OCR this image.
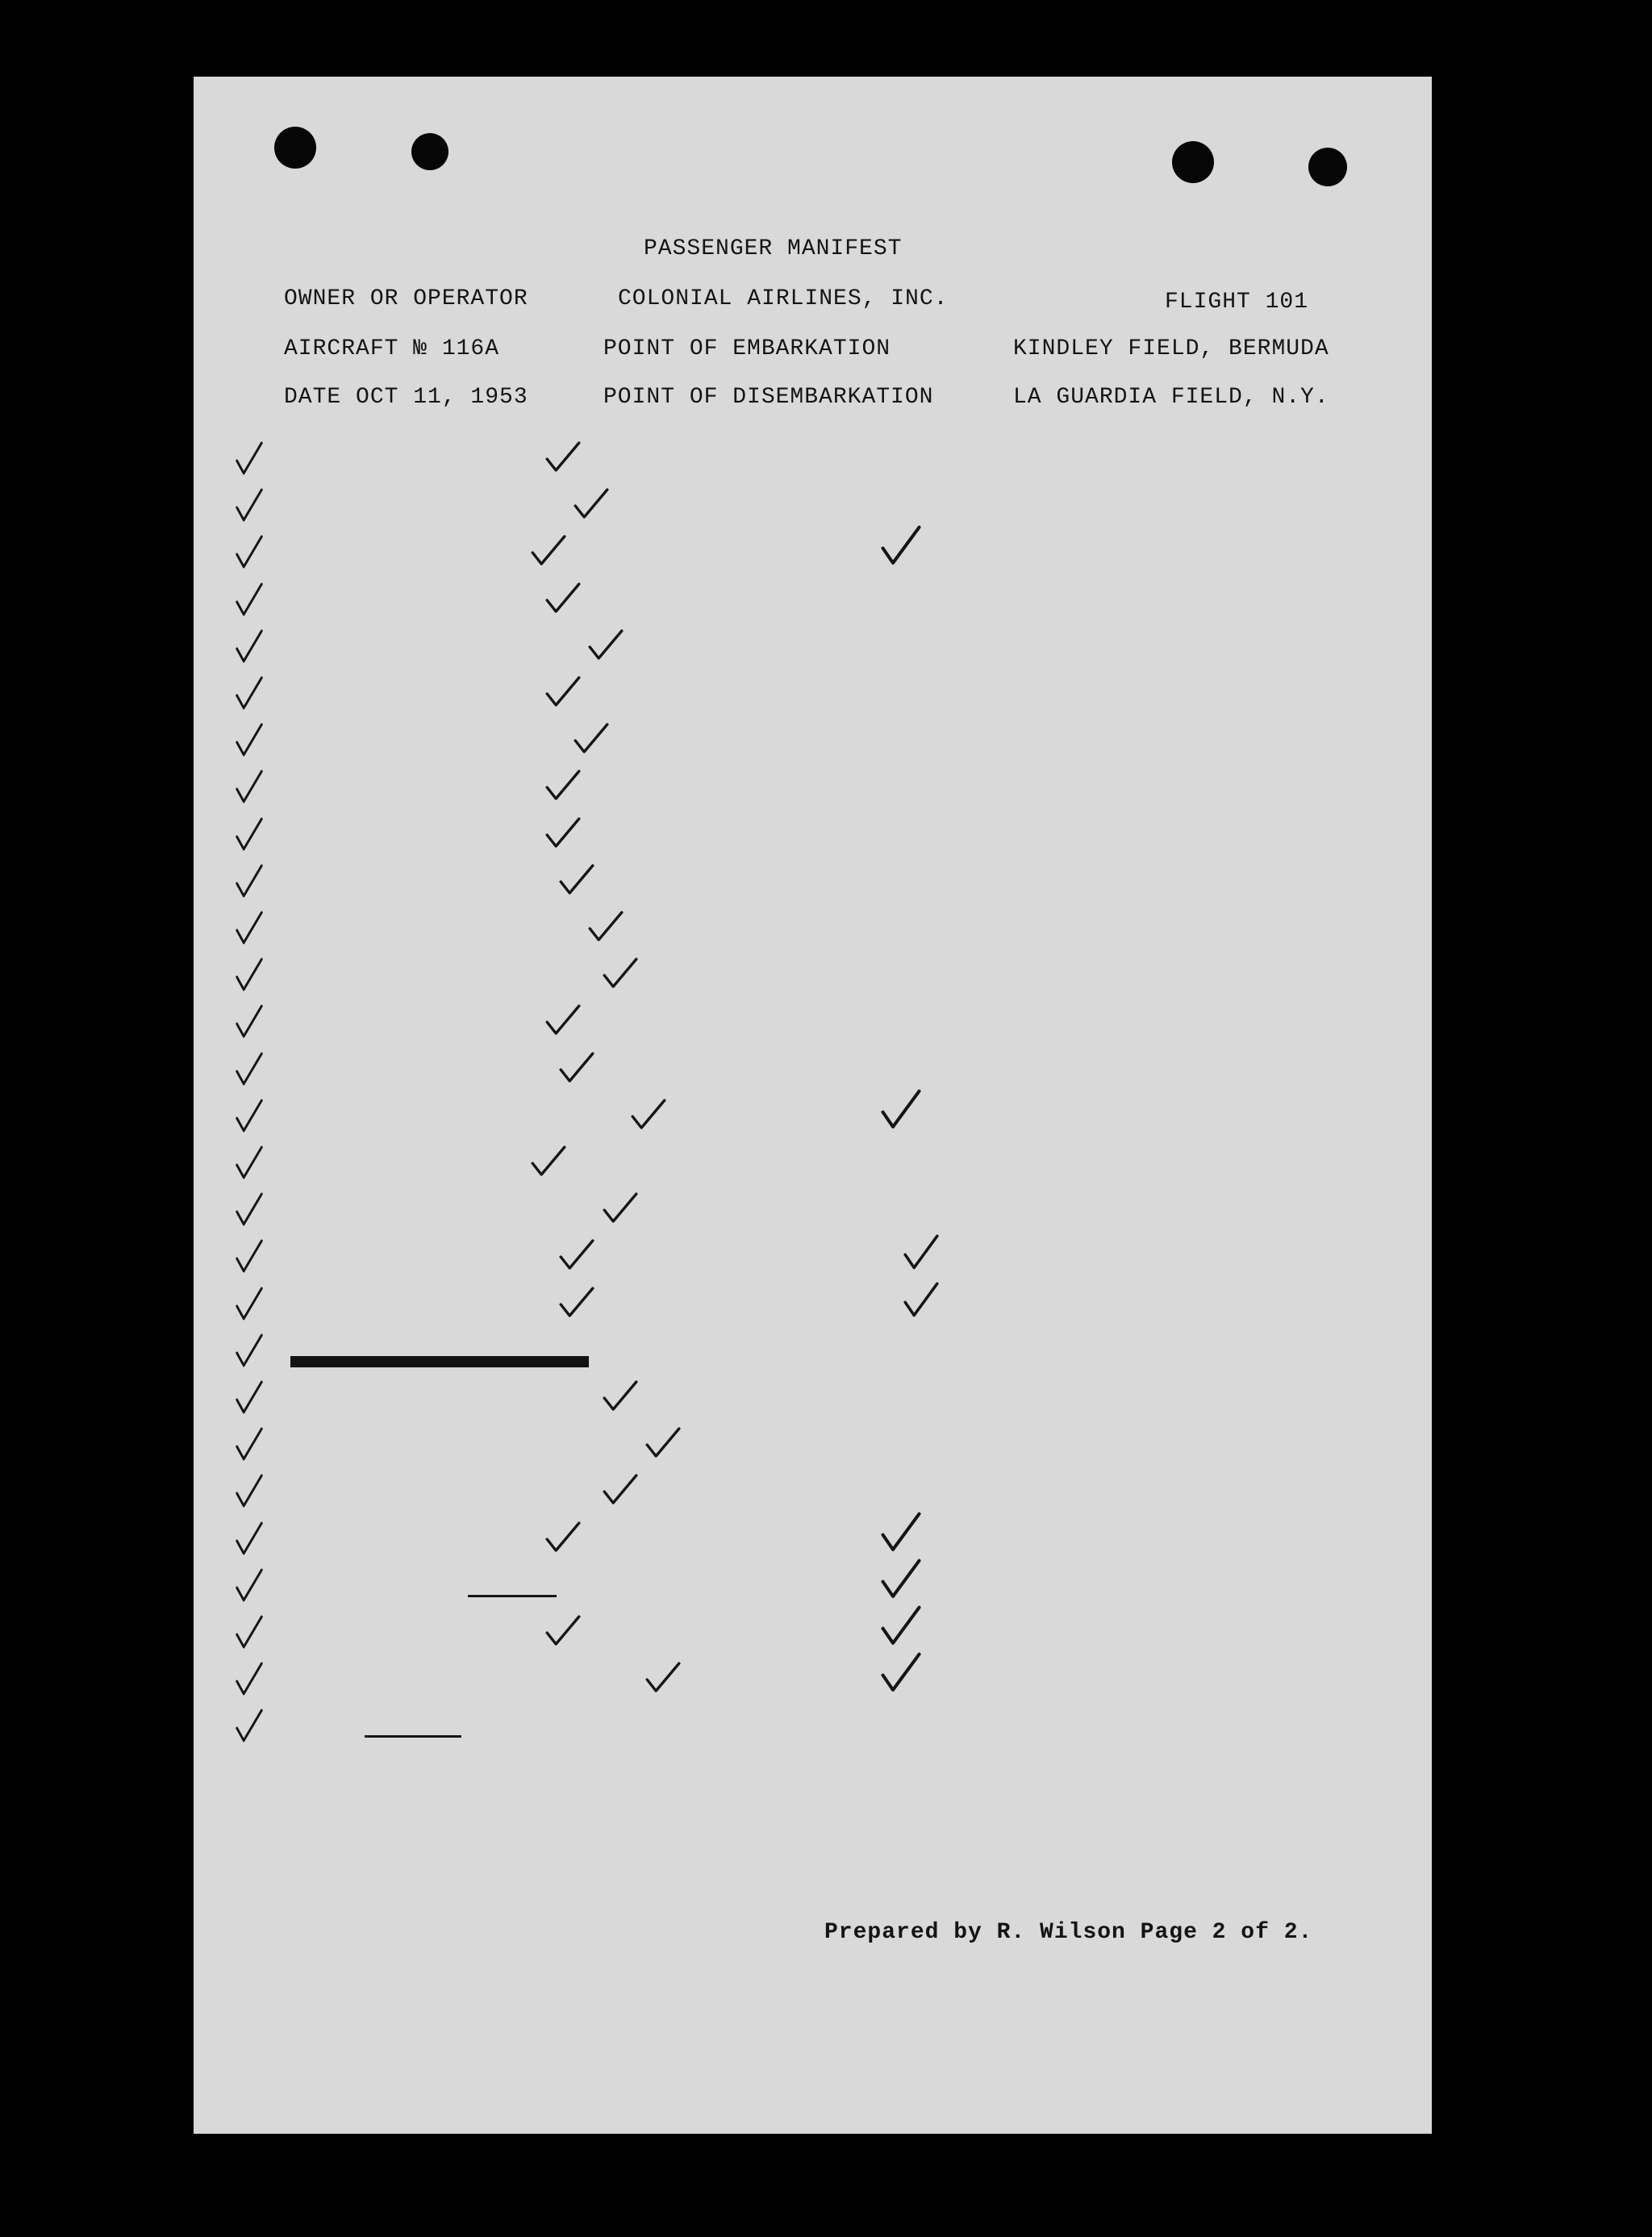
PASSENGER MANIFEST
OWNER OR OPERATOR	COLONIAL AIRLINES, INC.	FLIGHT 101
AIRCRAFT № 116A	POINT OF EMBARKATION	KINDLEY FIELD, BERMUDA
DATE OCT 11, 1953	POINT OF DISEMBARKATION	LA GUARDIA FIELD, N.Y.
Prepared by R. Wilson Page 2 of 2.
